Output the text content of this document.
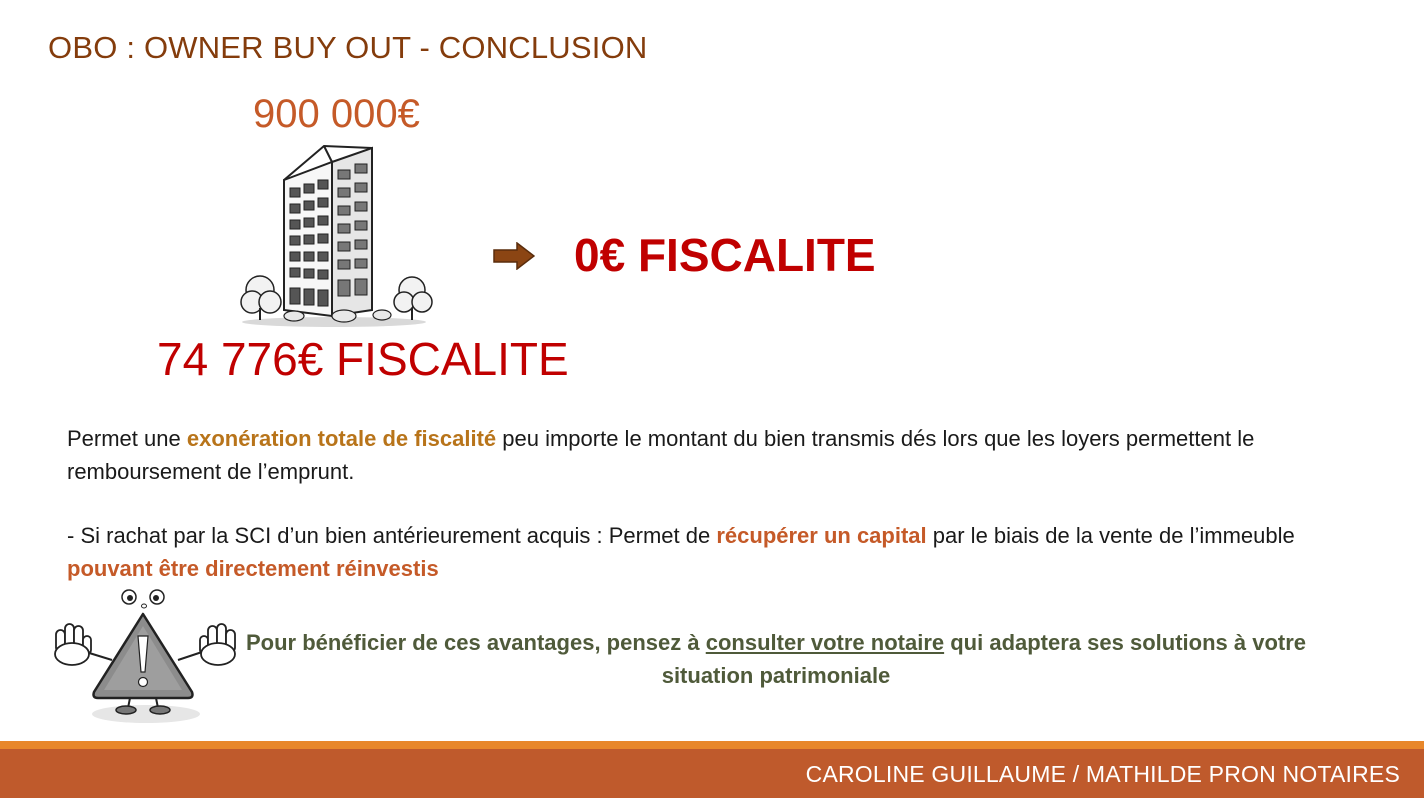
OBO : OWNER BUY OUT - CONCLUSION
900 000€
74 776€ FISCALITE
0€ FISCALITE

Permet une exonération totale de fiscalité peu importe le montant du bien transmis dés lors que les loyers permettent le remboursement de l’emprunt.

- Si rachat par la SCI d’un bien antérieurement acquis : Permet de récupérer un capital par le biais de la vente de l’immeuble pouvant être directement réinvestis

Pour bénéficier de ces avantages, pensez à consulter votre notaire qui adaptera ses solutions à votre situation patrimoniale

CAROLINE GUILLAUME / MATHILDE PRON NOTAIRES
